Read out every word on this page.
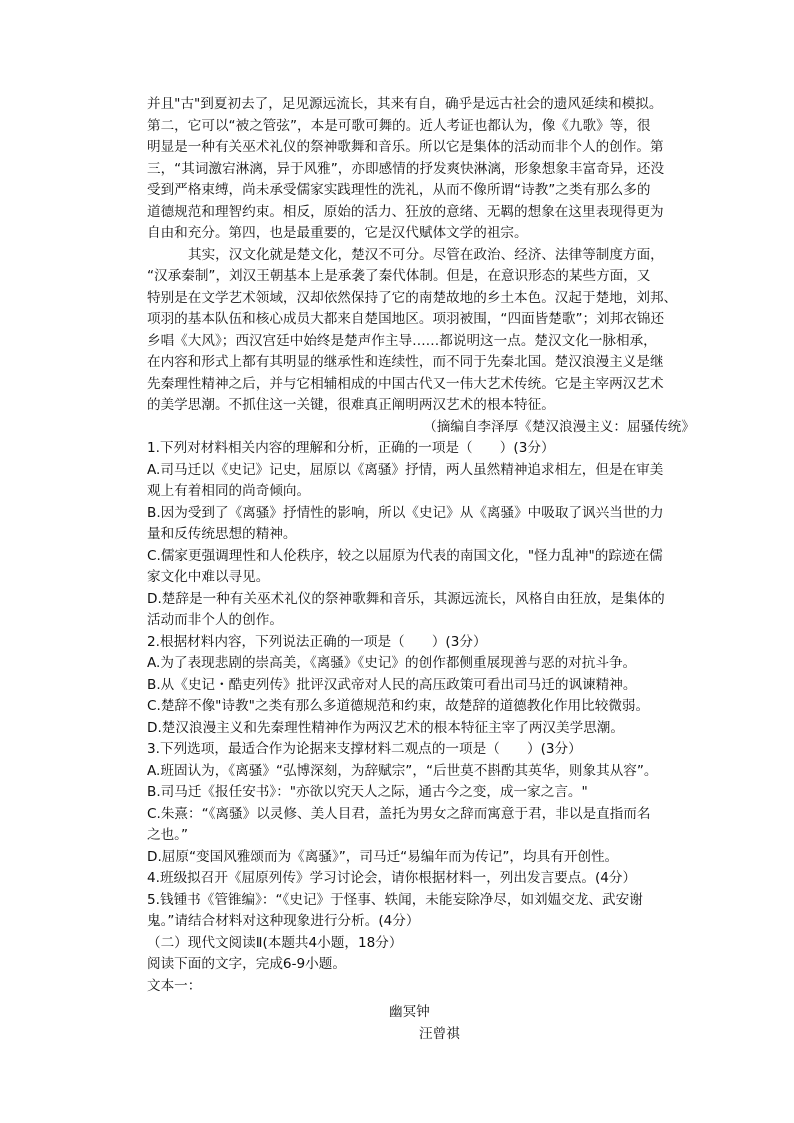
并且"古"到夏初去了，足见源远流长，其来有自，确乎是远古社会的遗风延续和模拟。
第二，它可以“被之管弦”，本是可歌可舞的。近人考证也都认为，像《九歌》等，很
明显是一种有关巫术礼仪的祭神歌舞和音乐。所以它是集体的活动而非个人的创作。第
三，“其词激宕淋漓，异于风雅”，亦即感情的抒发爽快淋漓，形象想象丰富奇异，还没
受到严格束缚，尚未承受儒家实践理性的洗礼，从而不像所谓“诗教”之类有那么多的
道德规范和理智约束。相反，原始的活力、狂放的意绪、无羁的想象在这里表现得更为
自由和充分。第四，也是最重要的，它是汉代赋体文学的祖宗。
其实，汉文化就是楚文化，楚汉不可分。尽管在政治、经济、法律等制度方面，
“汉承秦制”，刘汉王朝基本上是承袭了秦代体制。但是，在意识形态的某些方面，又
特别是在文学艺术领域，汉却依然保持了它的南楚故地的乡土本色。汉起于楚地，刘邦、
项羽的基本队伍和核心成员大都来自楚国地区。项羽被围，“四面皆楚歌”；刘邦衣锦还
乡唱《大风》；西汉宫廷中始终是楚声作主导……都说明这一点。楚汉文化一脉相承，
在内容和形式上都有其明显的继承性和连续性，而不同于先秦北国。楚汉浪漫主义是继
先秦理性精神之后，并与它相辅相成的中国古代又一伟大艺术传统。它是主宰两汉艺术
的美学思潮。不抓住这一关键，很难真正阐明两汉艺术的根本特征。
（摘编自李泽厚《楚汉浪漫主义：屈骚传统》
1.下列对材料相关内容的理解和分析，正确的一项是（　　）(3分）
A.司马迁以《史记》记史，屈原以《离骚》抒情，两人虽然精神追求相左，但是在审美
观上有着相同的尚奇倾向。
B.因为受到了《离骚》抒情性的影响，所以《史记》从《离骚》中吸取了讽兴当世的力
量和反传统思想的精神。
C.儒家更强调理性和人伦秩序，较之以屈原为代表的南国文化，"怪力乱神"的踪迹在儒
家文化中难以寻见。
D.楚辞是一种有关巫术礼仪的祭神歌舞和音乐，其源远流长，风格自由狂放，是集体的
活动而非个人的创作。
2.根据材料内容，下列说法正确的一项是（　　）(3分）
A.为了表现悲剧的崇高美，《离骚》《史记》的创作都侧重展现善与恶的对抗斗争。
B.从《史记・酷吏列传》批评汉武帝对人民的高压政策可看出司马迁的讽谏精神。
C.楚辞不像"诗教"之类有那么多道德规范和约束，故楚辞的道德教化作用比较微弱。
D.楚汉浪漫主义和先秦理性精神作为两汉艺术的根本特征主宰了两汉美学思潮。
3.下列选项，最适合作为论据来支撑材料二观点的一项是（　　）(3分）
A.班固认为，《离骚》“弘博深刻，为辞赋宗”，“后世莫不斟酌其英华，则象其从容”。
B.司马迁《报任安书》："亦欲以究天人之际，通古今之变，成一家之言。"
C.朱熹：“《离骚》以灵修、美人目君，盖托为男女之辞而寓意于君，非以是直指而名
之也。”
D.屈原“变国风雅颂而为《离骚》”，司马迁“易编年而为传记”，均具有开创性。
4.班级拟召开《屈原列传》学习讨论会，请你根据材料一，列出发言要点。(4分）
5.钱锺书《管锥编》：“《史记》于怪事、轶闻，未能妄除净尽，如刘媪交龙、武安谢
鬼。”请结合材料对这种现象进行分析。(4分）
（二）现代文阅读Ⅱ(本题共4小题，18分）
阅读下面的文字，完成6-9小题。
文本一：
幽冥钟
汪曾祺
